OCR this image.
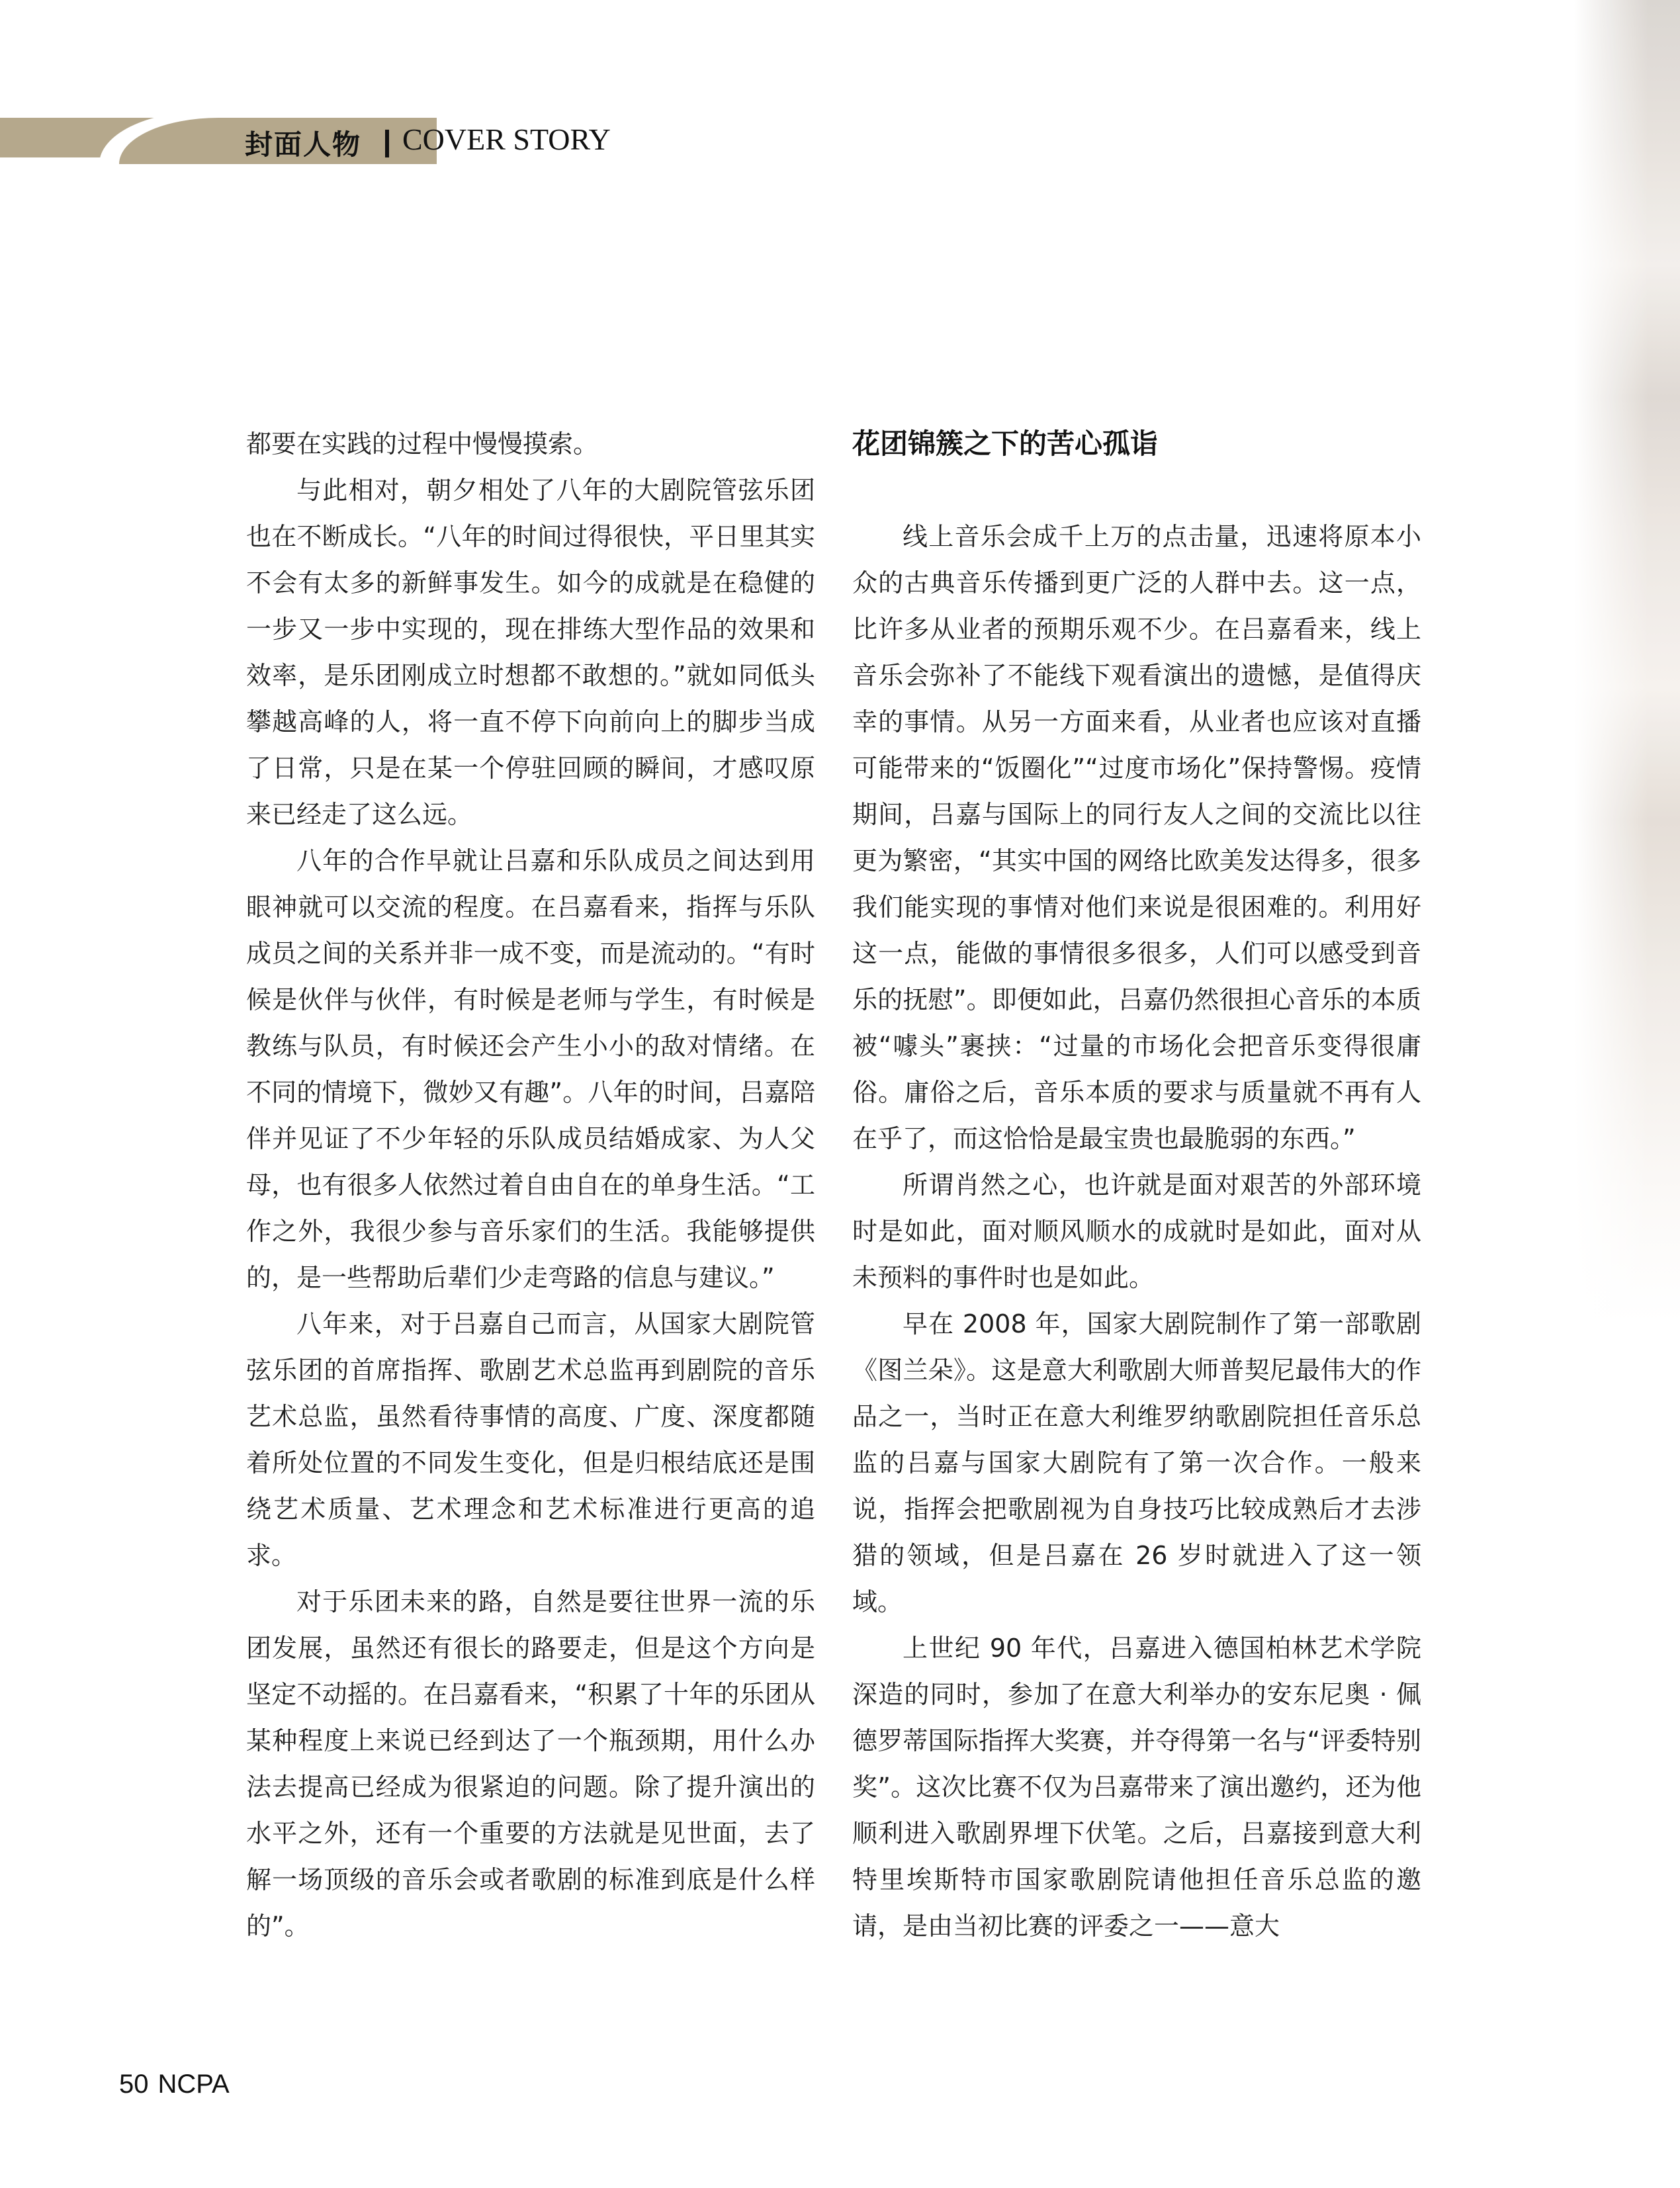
封面人物 COVER STORY

都要在实践的过程中慢慢摸索。

与此相对，朝夕相处了八年的大剧院管弦乐团也在不断成长。“八年的时间过得很快，平日里其实不会有太多的新鲜事发生。如今的成就是在稳健的一步又一步中实现的，现在排练大型作品的效果和效率，是乐团刚成立时想都不敢想的。”就如同低头攀越高峰的人，将一直不停下向前向上的脚步当成了日常，只是在某一个停驻回顾的瞬间，才感叹原来已经走了这么远。

八年的合作早就让吕嘉和乐队成员之间达到用眼神就可以交流的程度。在吕嘉看来，指挥与乐队成员之间的关系并非一成不变，而是流动的。“有时候是伙伴与伙伴，有时候是老师与学生，有时候是教练与队员，有时候还会产生小小的敌对情绪。在不同的情境下，微妙又有趣”。八年的时间，吕嘉陪伴并见证了不少年轻的乐队成员结婚成家、为人父母，也有很多人依然过着自由自在的单身生活。“工作之外，我很少参与音乐家们的生活。我能够提供的，是一些帮助后辈们少走弯路的信息与建议。”

八年来，对于吕嘉自己而言，从国家大剧院管弦乐团的首席指挥、歌剧艺术总监再到剧院的音乐艺术总监，虽然看待事情的高度、广度、深度都随着所处位置的不同发生变化，但是归根结底还是围绕艺术质量、艺术理念和艺术标准进行更高的追求。

对于乐团未来的路，自然是要往世界一流的乐团发展，虽然还有很长的路要走，但是这个方向是坚定不动摇的。在吕嘉看来，“积累了十年的乐团从某种程度上来说已经到达了一个瓶颈期，用什么办法去提高已经成为很紧迫的问题。除了提升演出的水平之外，还有一个重要的方法就是见世面，去了解一场顶级的音乐会或者歌剧的标准到底是什么样的”。

花团锦簇之下的苦心孤诣

线上音乐会成千上万的点击量，迅速将原本小众的古典音乐传播到更广泛的人群中去。这一点，比许多从业者的预期乐观不少。在吕嘉看来，线上音乐会弥补了不能线下观看演出的遗憾，是值得庆幸的事情。从另一方面来看，从业者也应该对直播可能带来的“饭圈化”“过度市场化”保持警惕。疫情期间，吕嘉与国际上的同行友人之间的交流比以往更为繁密，“其实中国的网络比欧美发达得多，很多我们能实现的事情对他们来说是很困难的。利用好这一点，能做的事情很多很多，人们可以感受到音乐的抚慰”。即便如此，吕嘉仍然很担心音乐的本质被“噱头”裹挟：“过量的市场化会把音乐变得很庸俗。庸俗之后，音乐本质的要求与质量就不再有人在乎了，而这恰恰是最宝贵也最脆弱的东西。”

所谓肖然之心，也许就是面对艰苦的外部环境时是如此，面对顺风顺水的成就时是如此，面对从未预料的事件时也是如此。

早在 2008 年，国家大剧院制作了第一部歌剧《图兰朵》。这是意大利歌剧大师普契尼最伟大的作品之一，当时正在意大利维罗纳歌剧院担任音乐总监的吕嘉与国家大剧院有了第一次合作。一般来说，指挥会把歌剧视为自身技巧比较成熟后才去涉猎的领域，但是吕嘉在 26 岁时就进入了这一领域。

上世纪 90 年代，吕嘉进入德国柏林艺术学院深造的同时，参加了在意大利举办的安东尼奥 · 佩德罗蒂国际指挥大奖赛，并夺得第一名与“评委特别奖”。这次比赛不仅为吕嘉带来了演出邀约，还为他顺利进入歌剧界埋下伏笔。之后，吕嘉接到意大利特里埃斯特市国家歌剧院请他担任音乐总监的邀请，是由当初比赛的评委之一——意大

50 NCPA
